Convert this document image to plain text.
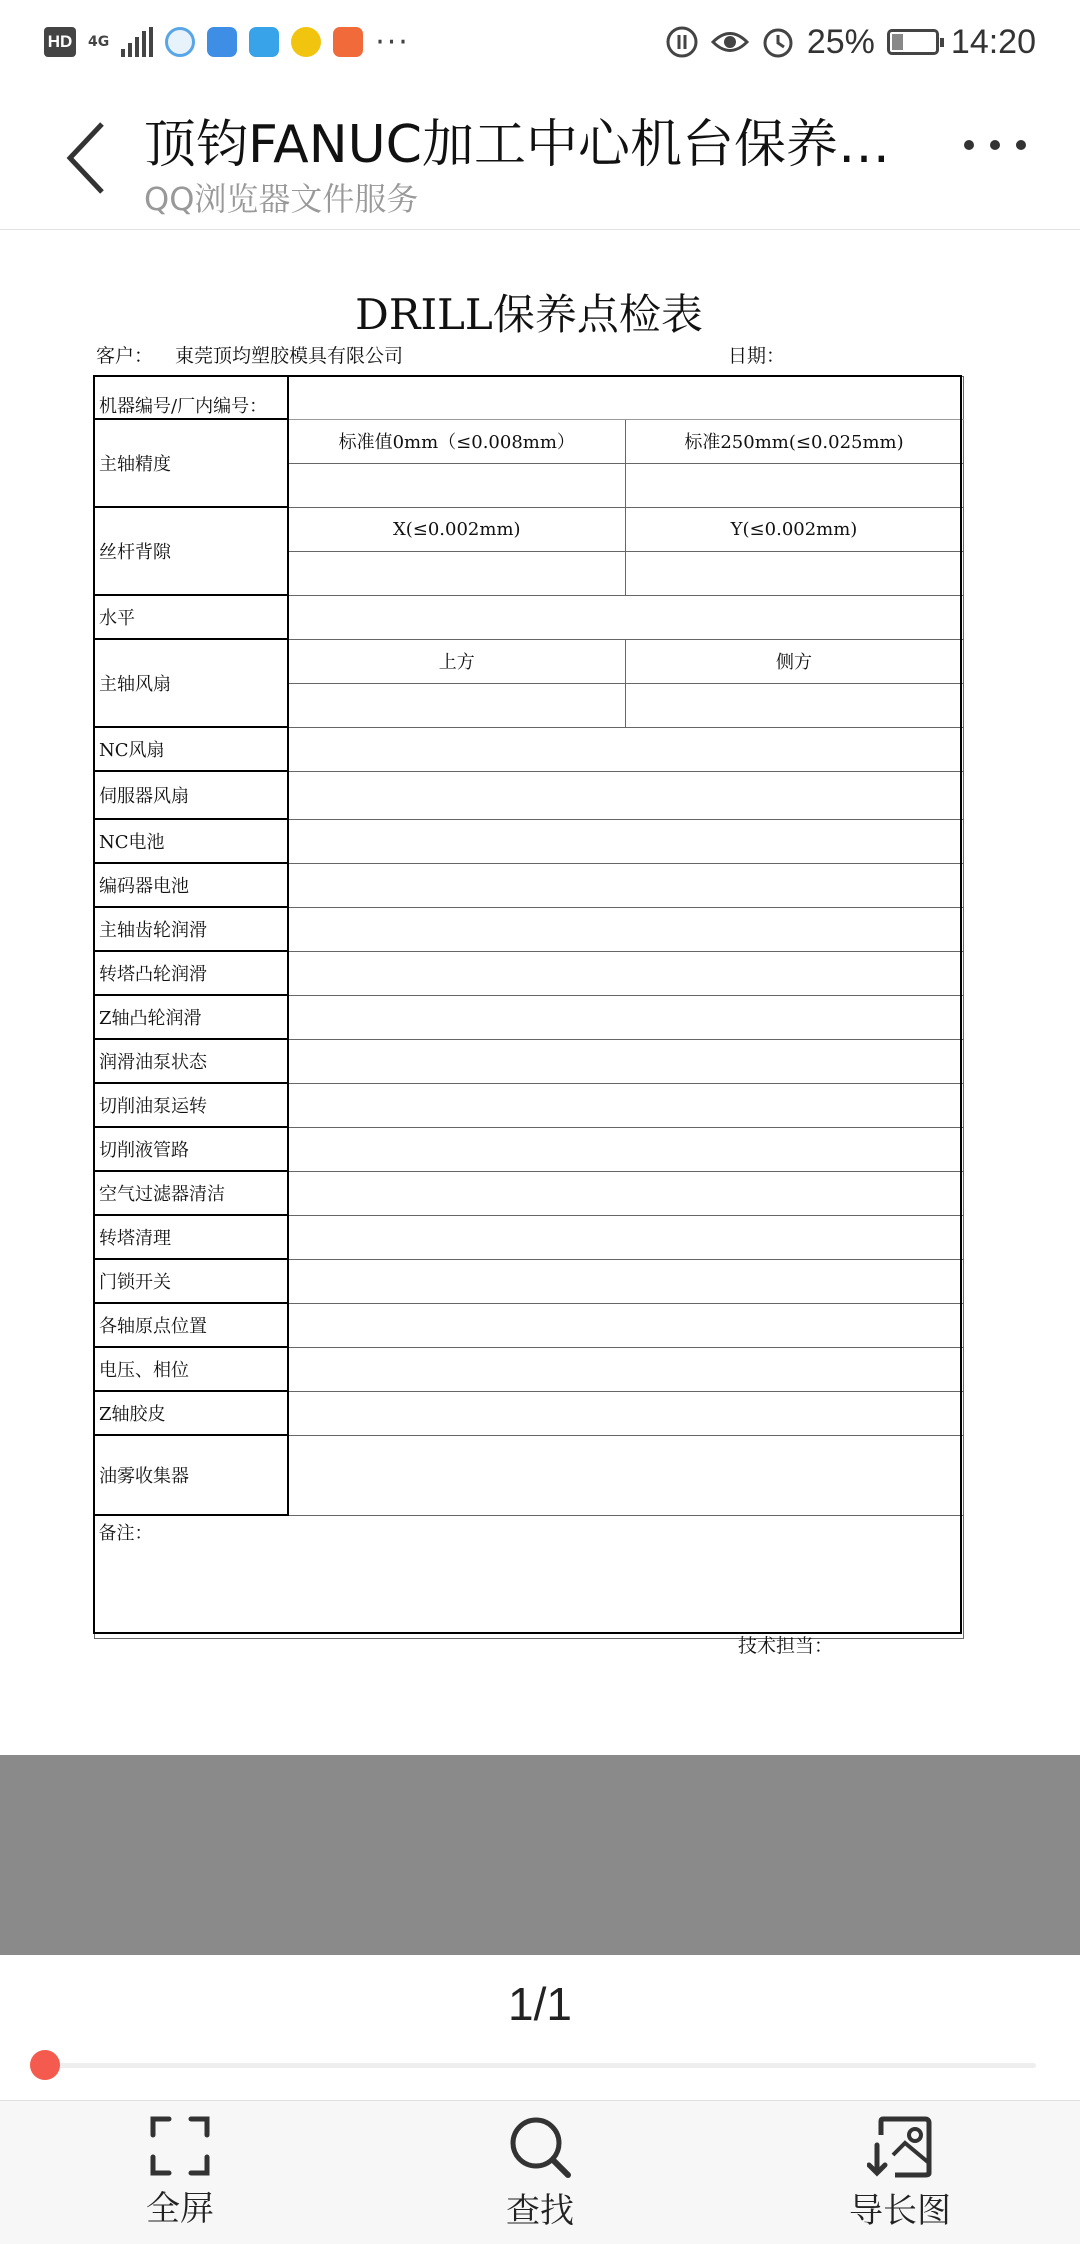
HD 4G	···	25% 14:20
顶钧FANUC加工中心机台保养…
QQ浏览器文件服务
DRILL保养点检表
客户： 東莞顶均塑胶模具有限公司	日期：
机器编号/厂内编号：		
主轴精度	标准值0mm（≤0.008mm）	标准250mm(≤0.025mm)

丝杆背隙	X(≤0.002mm)	Y(≤0.002mm)

水平		
主轴风扇	上方	侧方

NC风扇		
伺服器风扇		
NC电池		
编码器电池		
主轴齿轮润滑		
转塔凸轮润滑		
Z轴凸轮润滑		
润滑油泵状态		
切削油泵运转		
切削液管路		
空气过滤器清洁		
转塔清理		
门锁开关		
各轴原点位置		
电压、相位		
Z轴胶皮		
油雾收集器		
备注：		
技术担当：
1/1
全屏	查找	导长图
